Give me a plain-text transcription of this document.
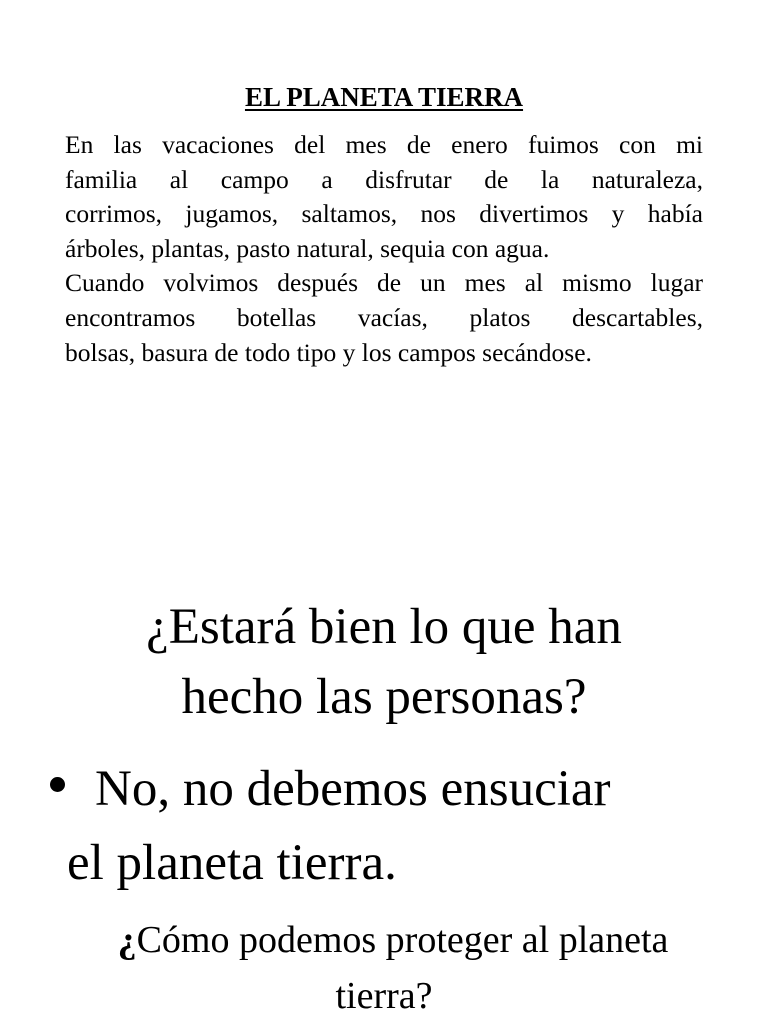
EL PLANETA TIERRA
En las vacaciones del mes de enero fuimos con mi
familia al campo a disfrutar de la naturaleza,
corrimos, jugamos, saltamos, nos divertimos y había
árboles, plantas, pasto natural, sequia con agua.
Cuando volvimos después de un mes al mismo lugar
encontramos botellas vacías, platos descartables,
bolsas, basura de todo tipo y los campos secándose.
¿Estará bien lo que han
hecho las personas?
No, no debemos ensuciar
el planeta tierra.
¿Cómo podemos proteger al planeta
tierra?
